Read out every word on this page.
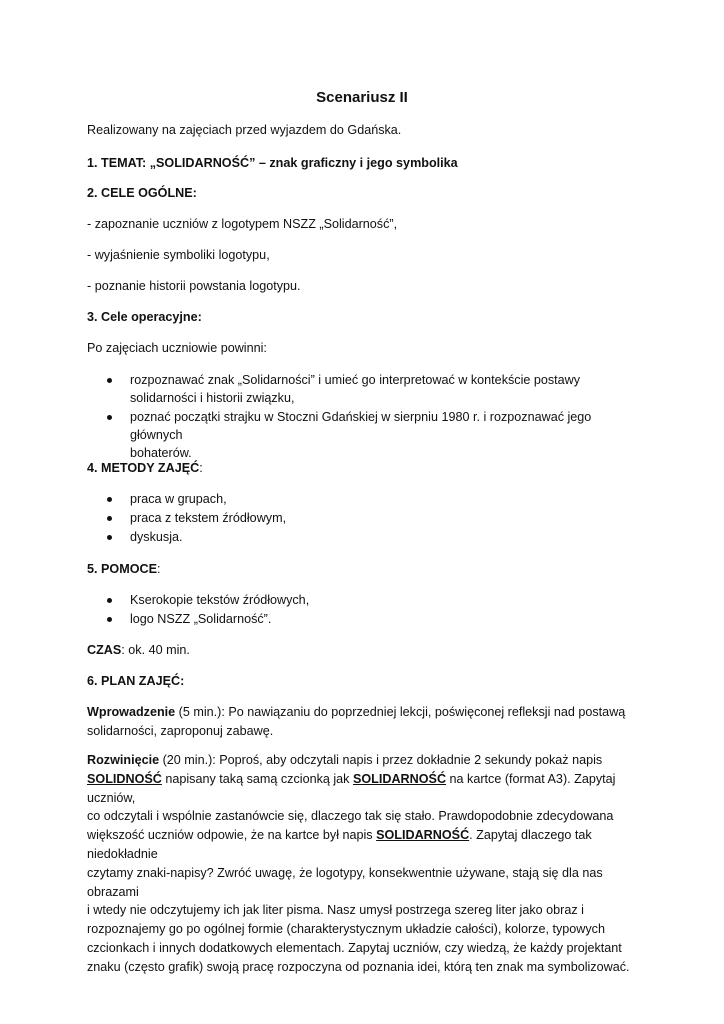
Scenariusz II

Realizowany na zajęciach przed wyjazdem do Gdańska.

1. TEMAT: „SOLIDARNOŚĆ” – znak graficzny i jego symbolika

2. CELE OGÓLNE:

- zapoznanie uczniów z logotypem NSZZ „Solidarność”,

- wyjaśnienie symboliki logotypu,

- poznanie historii powstania logotypu.

3. Cele operacyjne:

Po zajęciach uczniowie powinni:

rozpoznawać znak „Solidarności” i umieć go interpretować w kontekście postawy
solidarności i historii związku,
poznać początki strajku w Stoczni Gdańskiej w sierpniu 1980 r. i rozpoznawać jego głównych
bohaterów.

4. METODY ZAJĘĆ:

praca w grupach,
praca z tekstem źródłowym,
dyskusja.

5. POMOCE:

Kserokopie tekstów źródłowych,
logo NSZZ „Solidarność”.

CZAS: ok. 40 min.

6. PLAN ZAJĘĆ:

Wprowadzenie (5 min.): Po nawiązaniu do poprzedniej lekcji, poświęconej refleksji nad postawą
solidarności, zaproponuj zabawę.
Rozwinięcie (20 min.): Poproś, aby odczytali napis i przez dokładnie 2 sekundy pokaż napis
SOLIDNOŚĆ napisany taką samą czcionką jak SOLIDARNOŚĆ na kartce (format A3). Zapytaj uczniów,
co odczytali i wspólnie zastanówcie się, dlaczego tak się stało. Prawdopodobnie zdecydowana
większość uczniów odpowie, że na kartce był napis SOLIDARNOŚĆ. Zapytaj dlaczego tak niedokładnie
czytamy znaki-napisy? Zwróć uwagę, że logotypy, konsekwentnie używane, stają się dla nas obrazami
i wtedy nie odczytujemy ich jak liter pisma. Nasz umysł postrzega szereg liter jako obraz i
rozpoznajemy go po ogólnej formie (charakterystycznym układzie całości), kolorze, typowych
czcionkach i innych dodatkowych elementach. Zapytaj uczniów, czy wiedzą, że każdy projektant
znaku (często grafik) swoją pracę rozpoczyna od poznania idei, którą ten znak ma symbolizować.
